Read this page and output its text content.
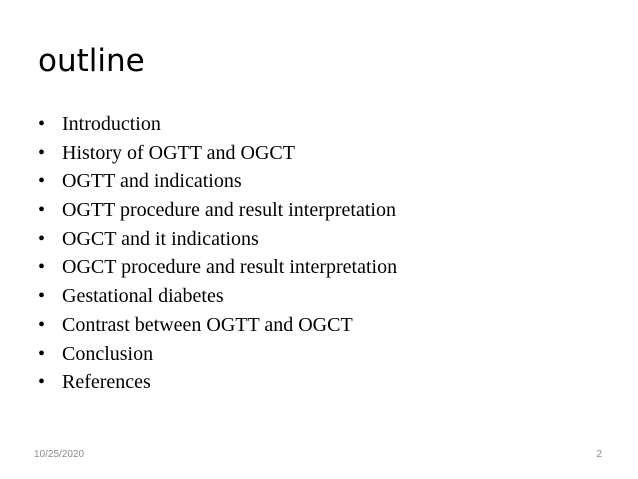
outline
• Introduction
• History of OGTT and OGCT
• OGTT and indications
• OGTT procedure and result interpretation
• OGCT and it indications
• OGCT procedure and result interpretation
• Gestational diabetes
• Contrast between OGTT and OGCT
• Conclusion
• References
10/25/2020	2
